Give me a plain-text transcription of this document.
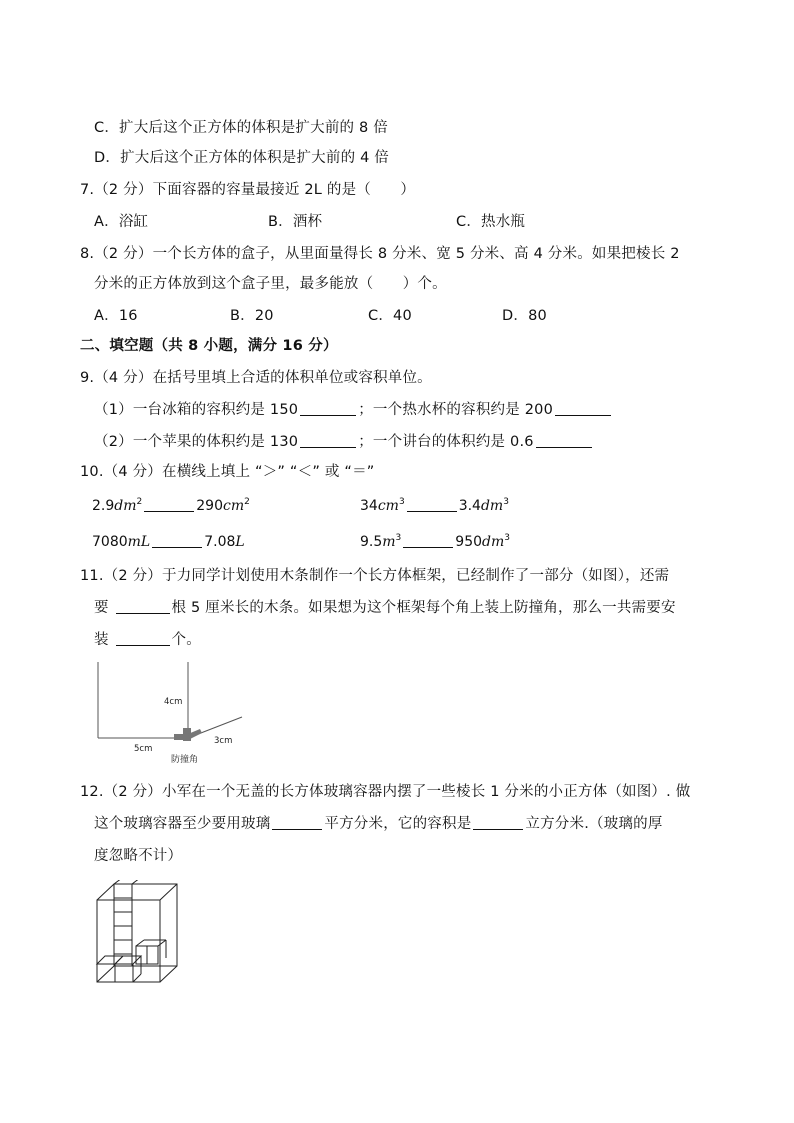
C．扩大后这个正方体的体积是扩大前的 8 倍
D．扩大后这个正方体的体积是扩大前的 4 倍
7.（2 分）下面容器的容量最接近 2L 的是（　　）
A．浴缸	B．酒杯	C．热水瓶
8.（2 分）一个长方体的盒子，从里面量得长 8 分米、宽 5 分米、高 4 分米。如果把棱长 2
分米的正方体放到这个盒子里，最多能放（　　）个。
A．16	B．20	C．40	D．80
二、填空题（共 8 小题，满分 16 分）
9.（4 分）在括号里填上合适的体积单位或容积单位。
（1）一台冰箱的容积约是 150	；一个热水杯的容积约是 200
（2）一个苹果的体积约是 130	；一个讲台的体积约是 0.6
10.（4 分）在横线上填上 “＞” “＜” 或 “＝”
$2.9dm^2$	$290cm^2$	$34cm^3$	$3.4dm^3$
7080mL	7.08L	$9.5m^3$	$950dm^3$
11.（2 分）于力同学计划使用木条制作一个长方体框架，已经制作了一部分（如图），还需
要	根 5 厘米长的木条。如果想为这个框架每个角上装上防撞角，那么一共需要安
装	个。
4cm
3cm
5cm
防撞角
12.（2 分）小军在一个无盖的长方体玻璃容器内摆了一些棱长 1 分米的小正方体（如图）. 做
这个玻璃容器至少要用玻璃	平方分米，它的容积是	立方分米.（玻璃的厚
度忽略不计）
